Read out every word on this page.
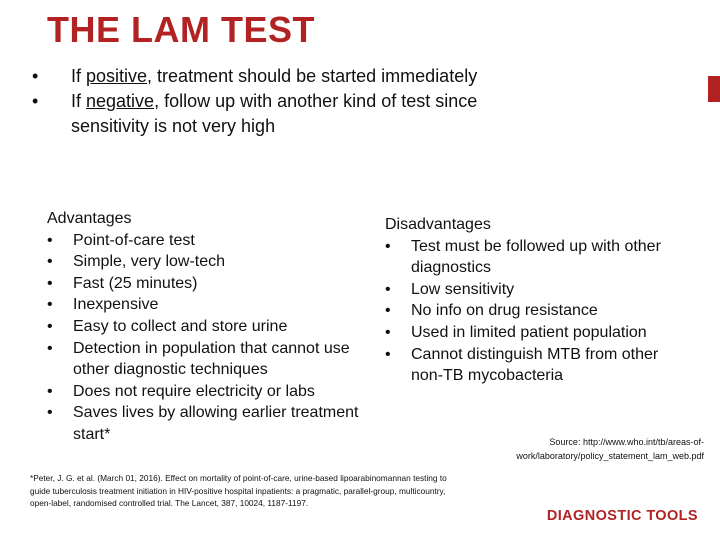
THE LAM TEST
•	If positive, treatment should be started immediately
•	If negative, follow up with another kind of test since
sensitivity is not very high
Advantages
• Point-of-care test
• Simple, very low-tech
• Fast (25 minutes)
• Inexpensive
• Easy to collect and store urine
• Detection in population that cannot use other diagnostic techniques
• Does not require electricity or labs
• Saves lives by allowing earlier treatment start*
Disadvantages
• Test must be followed up with other diagnostics
• Low sensitivity
• No info on drug resistance
• Used in limited patient population
• Cannot distinguish MTB from other non-TB mycobacteria
Source: http://www.who.int/tb/areas-of-
work/laboratory/policy_statement_lam_web.pdf
*Peter, J. G. et al. (March 01, 2016). Effect on mortality of point-of-care, urine-based lipoarabinomannan testing to guide tuberculosis treatment initiation in HIV-positive hospital inpatients: a pragmatic, parallel-group, multicountry, open-label, randomised controlled trial. The Lancet, 387, 10024, 1187-1197.
DIAGNOSTIC TOOLS
